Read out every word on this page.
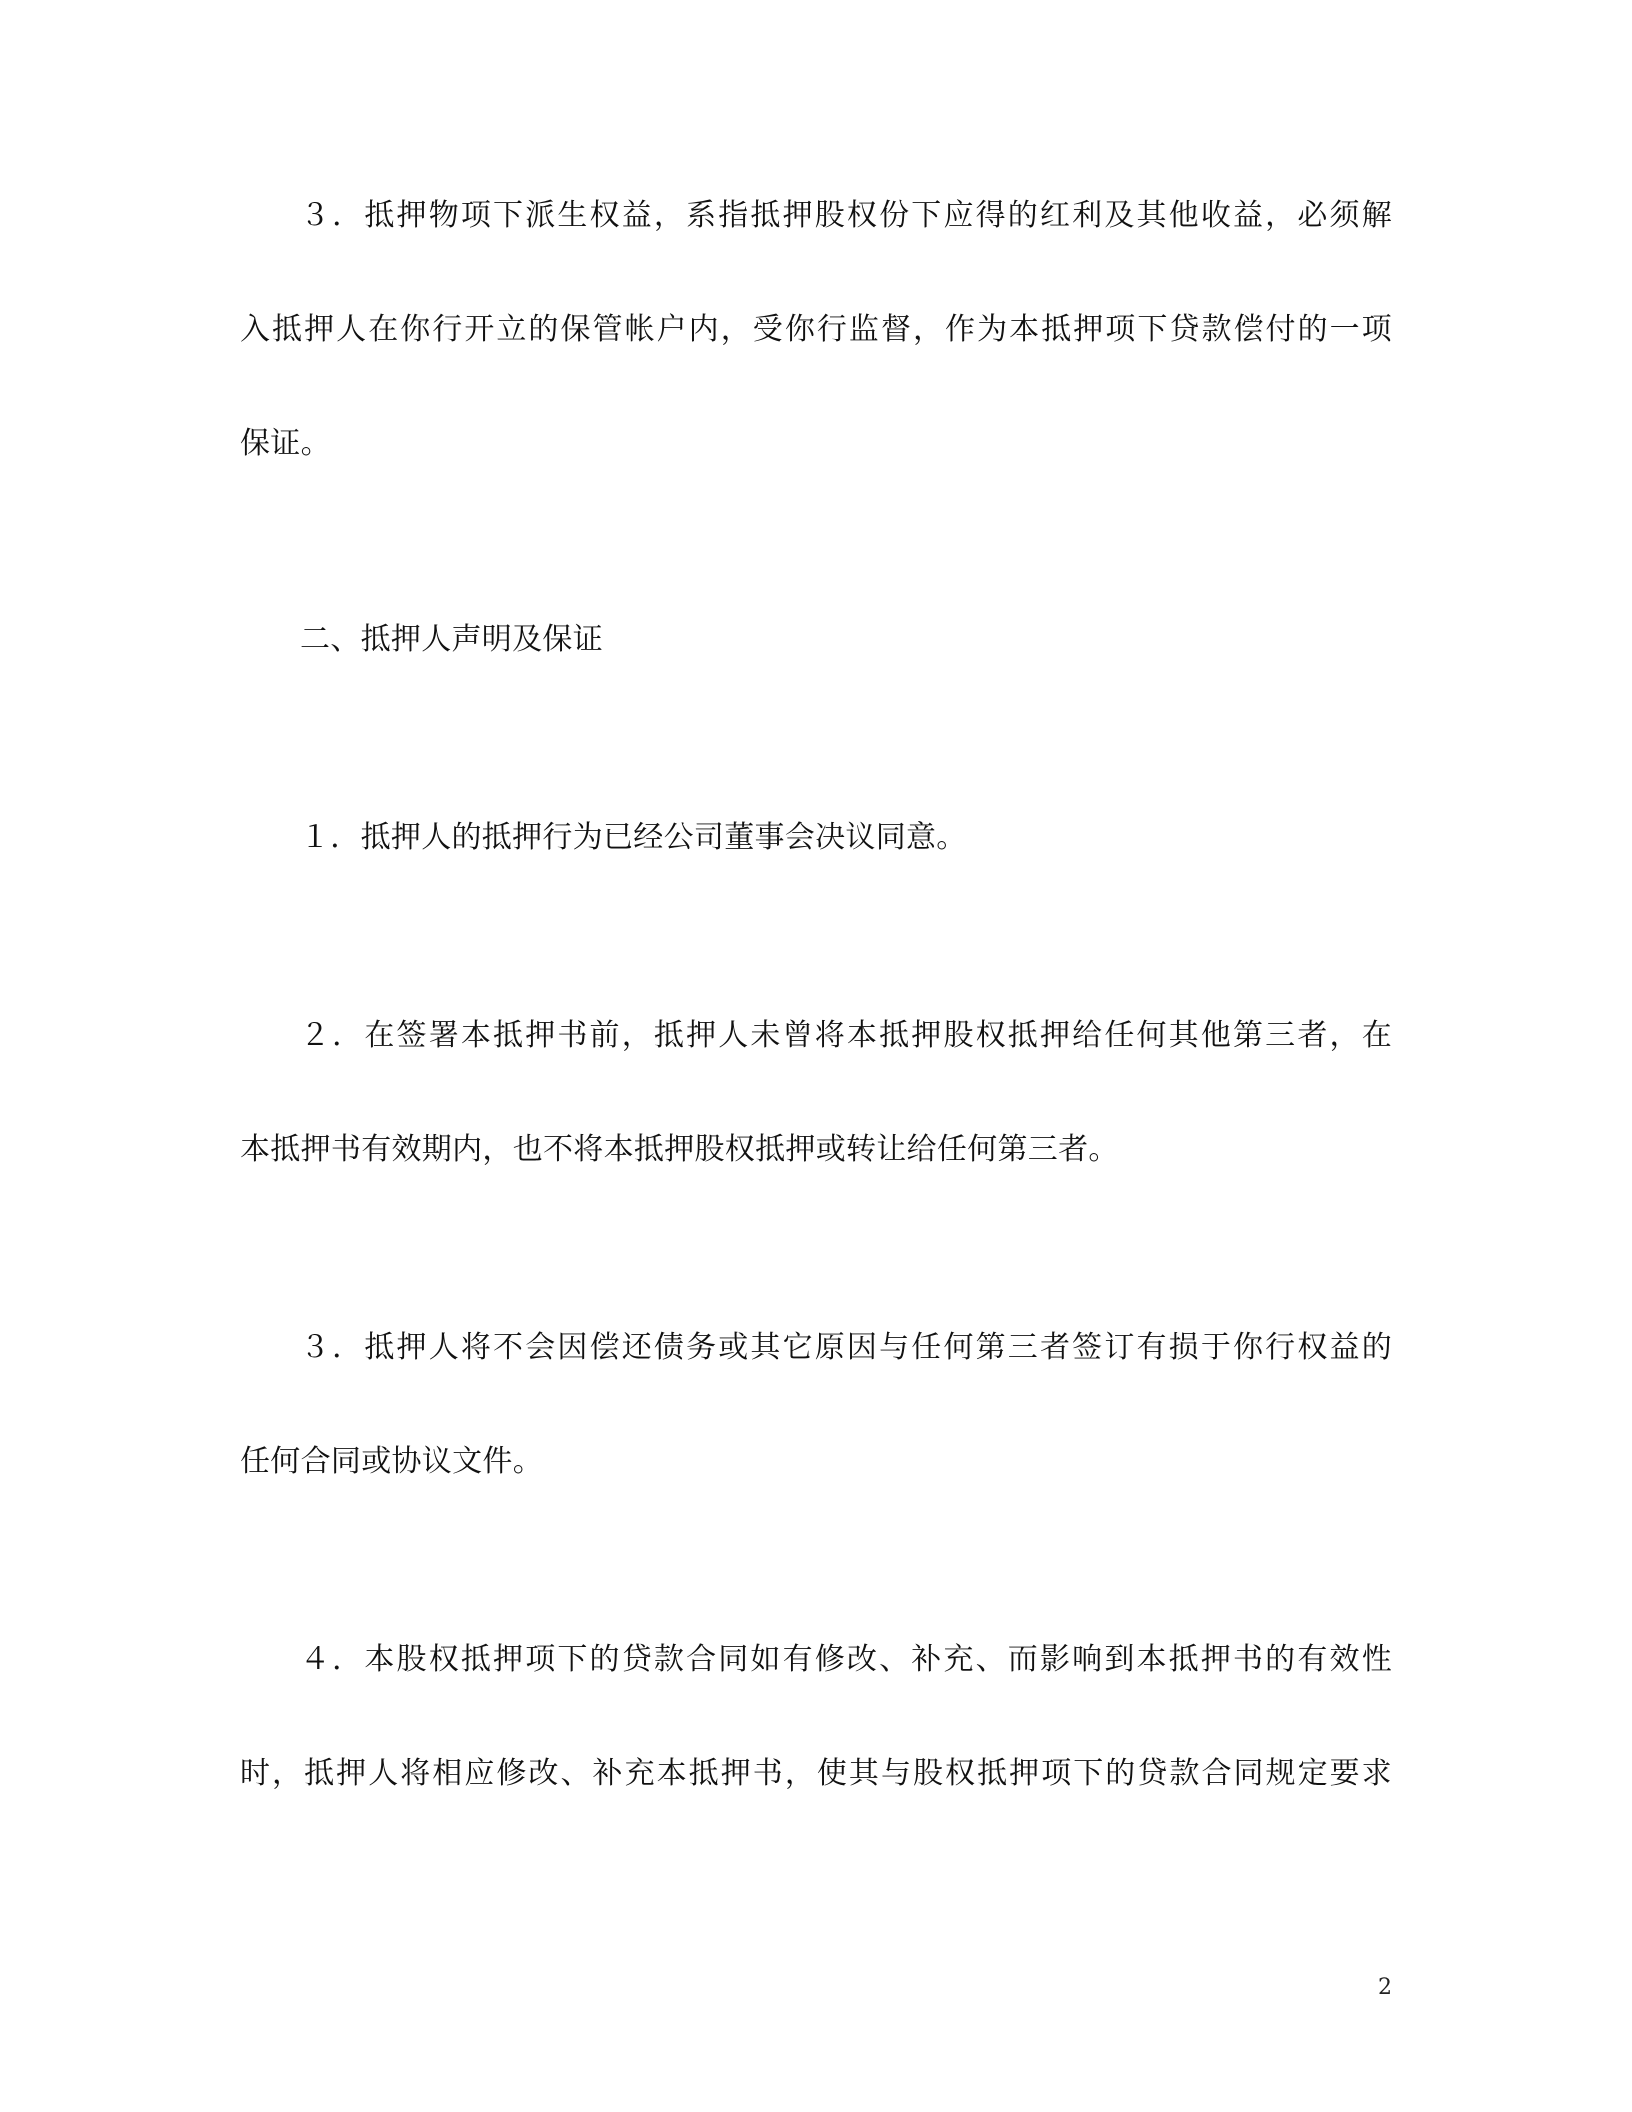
３．抵押物项下派生权益，系指抵押股权份下应得的红利及其他收益，必须解
入抵押人在你行开立的保管帐户内，受你行监督，作为本抵押项下贷款偿付的一项
保证。
二、抵押人声明及保证
１．抵押人的抵押行为已经公司董事会决议同意。
２．在签署本抵押书前，抵押人未曾将本抵押股权抵押给任何其他第三者，在
本抵押书有效期内，也不将本抵押股权抵押或转让给任何第三者。
３．抵押人将不会因偿还债务或其它原因与任何第三者签订有损于你行权益的
任何合同或协议文件。
４．本股权抵押项下的贷款合同如有修改、补充、而影响到本抵押书的有效性
时，抵押人将相应修改、补充本抵押书，使其与股权抵押项下的贷款合同规定要求
2
